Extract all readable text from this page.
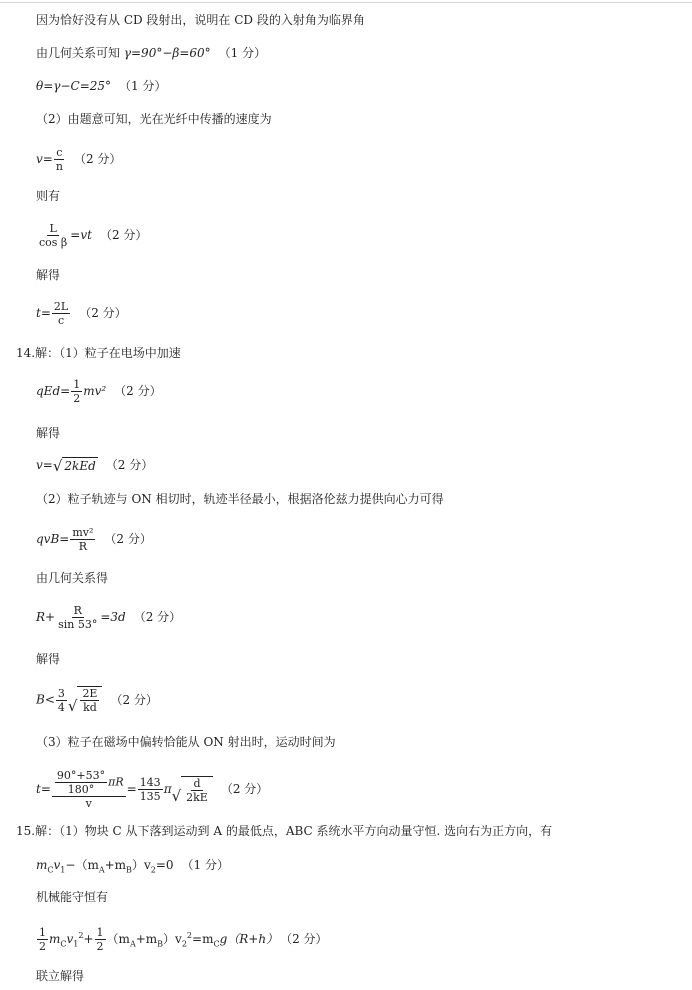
因为恰好没有从 CD 段射出，说明在 CD 段的入射角为临界角
由几何关系可知 γ=90°−β=60° （1 分）
θ=γ−C=25° （1 分）
（2）由题意可知，光在光纤中传播的速度为
$v= \frac{c}{n} (2$ 分）
则有
$\frac{L}{\text{cos β}} =vt$ （2 分）
解得
$t= \frac{2L}{c} (2$ 分）
14.解：（1）粒子在电场中加速
$qEd= \frac{1}{2} mv^2$ （2 分）
解得
v= √ 2kEd （2 分）
（2）粒子轨迹与 ON 相切时，轨迹半径最小，根据洛伦兹力提供向心力可得
$qvB= \frac{\text{mv²}}{R} (2$ 分）
由几何关系得
$R+ \frac{R}{\sin 53^\circ} =3d$ （2 分）
解得
$B< \frac{3}{4}$ √ $\frac{2E}{kd} (2$ 分）
（3）粒子在磁场中偏转恰能从 ON 射出时，运动时间为
$t= \frac{\frac{90^\circ+53^\circ}{180^\circ} \pi R}{v} = \frac{143}{135}$ π √ $\frac{d}{2kE} (2$ 分）
15.解：（1）物块 C 从下落到运动到 A 的最低点，ABC 系统水平方向动量守恒. 选向右为正方向，有
$m_Cv_1-(m_A+m_B)v_2=0$ （1 分）
机械能守恒有
$\frac{1}{2} m_Cv_1^2+ \frac{1}{2} (m_A+m_B)v_2^2=m_Cg(R+h)$ （2 分）
联立解得
